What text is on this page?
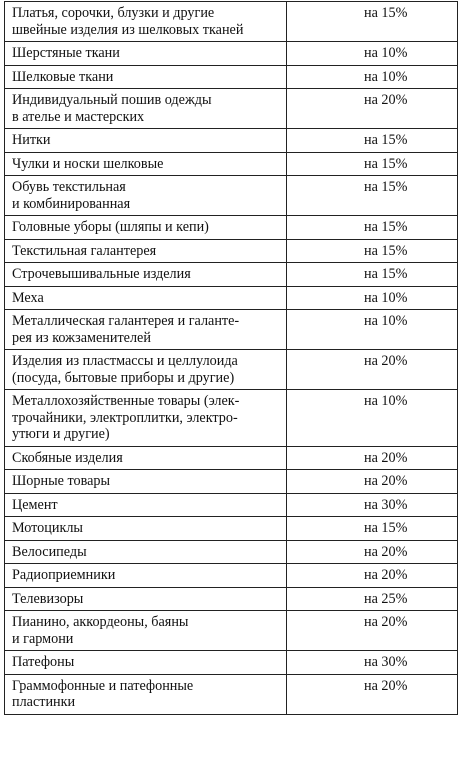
Платья, сорочки, блузки и другие
швейные изделия из шелковых тканей	на 15%
Шерстяные ткани	на 10%
Шелковые ткани	на 10%
Индивидуальный пошив одежды
в ателье и мастерских	на 20%
Нитки	на 15%
Чулки и носки шелковые	на 15%
Обувь текстильная
и комбинированная	на 15%
Головные уборы (шляпы и кепи)	на 15%
Текстильная галантерея	на 15%
Строчевышивальные изделия	на 15%
Меха	на 10%
Металлическая галантерея и галанте-
рея из кожзаменителей	на 10%
Изделия из пластмассы и целлулоида
(посуда, бытовые приборы и другие)	на 20%
Металлохозяйственные товары (элек-
трочайники, электроплитки, электро-
утюги и другие)	на 10%
Скобяные изделия	на 20%
Шорные товары	на 20%
Цемент	на 30%
Мотоциклы	на 15%
Велосипеды	на 20%
Радиоприемники	на 20%
Телевизоры	на 25%
Пианино, аккордеоны, баяны
и гармони	на 20%
Патефоны	на 30%
Граммофонные и патефонные
пластинки	на 20%
